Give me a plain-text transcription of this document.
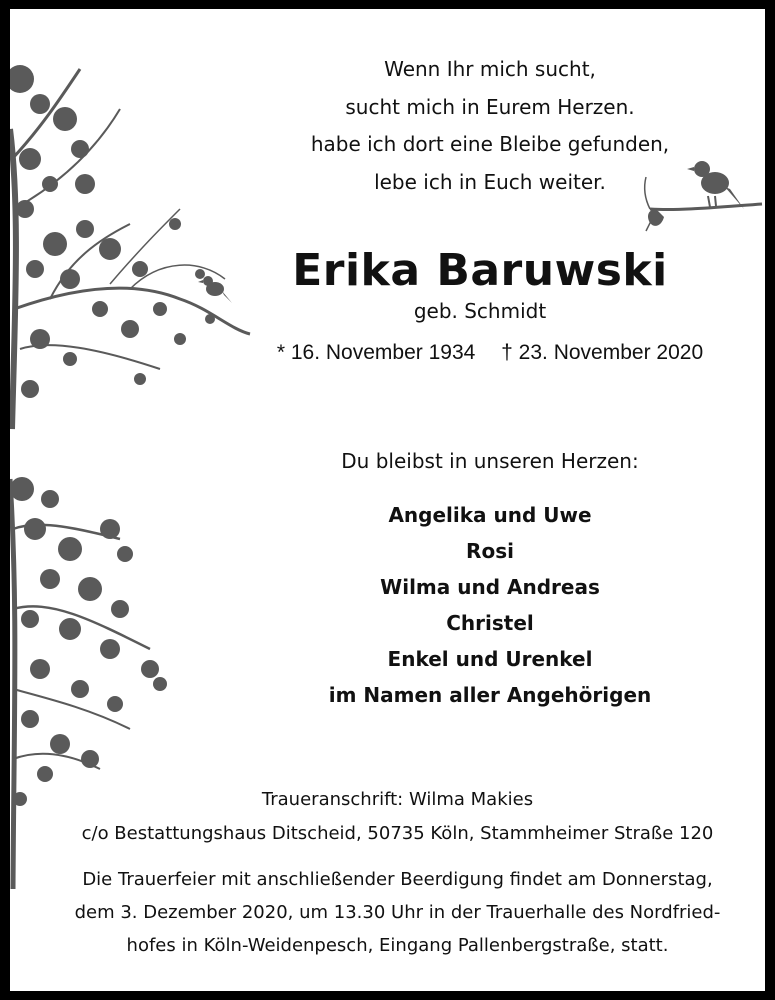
Wenn Ihr mich sucht,
sucht mich in Eurem Herzen.
habe ich dort eine Bleibe gefunden,
lebe ich in Euch weiter.
Erika Baruwski
geb. Schmidt
* 16. November 1934 † 23. November 2020
Du bleibst in unseren Herzen:
Angelika und Uwe
Rosi
Wilma und Andreas
Christel
Enkel und Urenkel
im Namen aller Angehörigen
Traueranschrift: Wilma Makies
c/o Bestattungshaus Ditscheid, 50735 Köln, Stammheimer Straße 120
Die Trauerfeier mit anschließender Beerdigung findet am Donnerstag,
dem 3. Dezember 2020, um 13.30 Uhr in der Trauerhalle des Nordfried-
hofes in Köln-Weidenpesch, Eingang Pallenbergstraße, statt.
